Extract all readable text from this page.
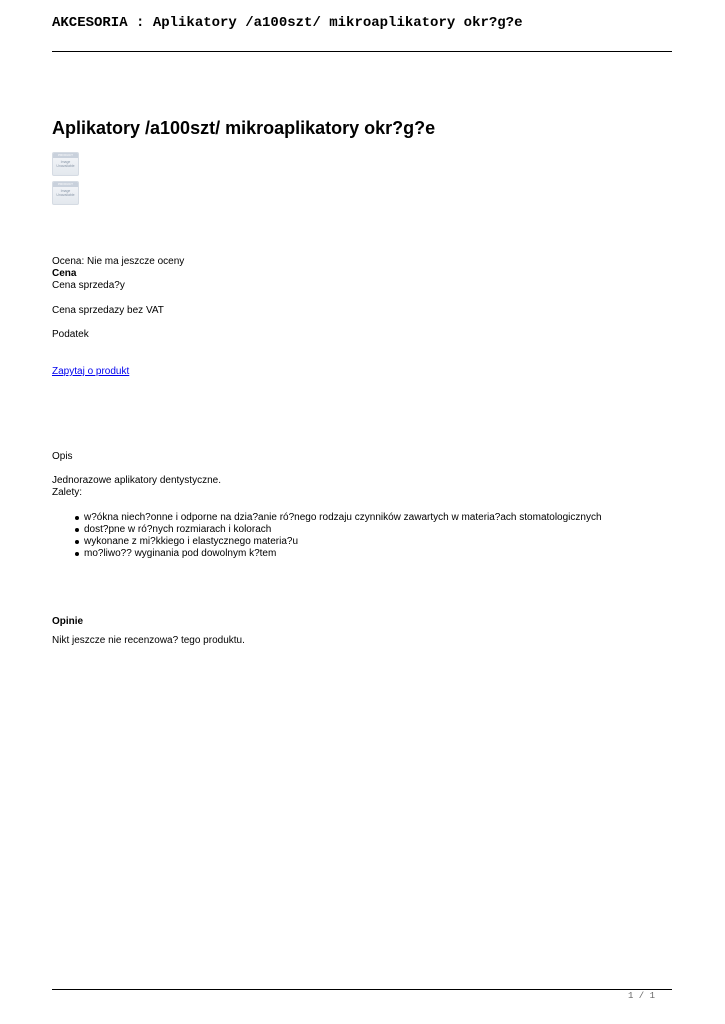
AKCESORIA : Aplikatory /a100szt/ mikroaplikatory okr?g?e
Aplikatory /a100szt/ mikroaplikatory okr?g?e
PRODUCT
Image
Unavailable
PRODUCT
Image
Unavailable

Ocena: Nie ma jeszcze oceny

Cena

Cena sprzeda?y

Cena sprzedazy bez VAT

Podatek

Zapytaj o produkt

Opis

Jednorazowe aplikatory dentystyczne.

Zalety:

w?ókna niech?onne i odporne na dzia?anie ró?nego rodzaju czynników zawartych w materia?ach stomatologicznych
dost?pne w ró?nych rozmiarach i kolorach
wykonane z mi?kkiego i elastycznego materia?u
mo?liwo?? wyginania pod dowolnym k?tem

Opinie

Nikt jeszcze nie recenzowa? tego produktu.

1 / 1
